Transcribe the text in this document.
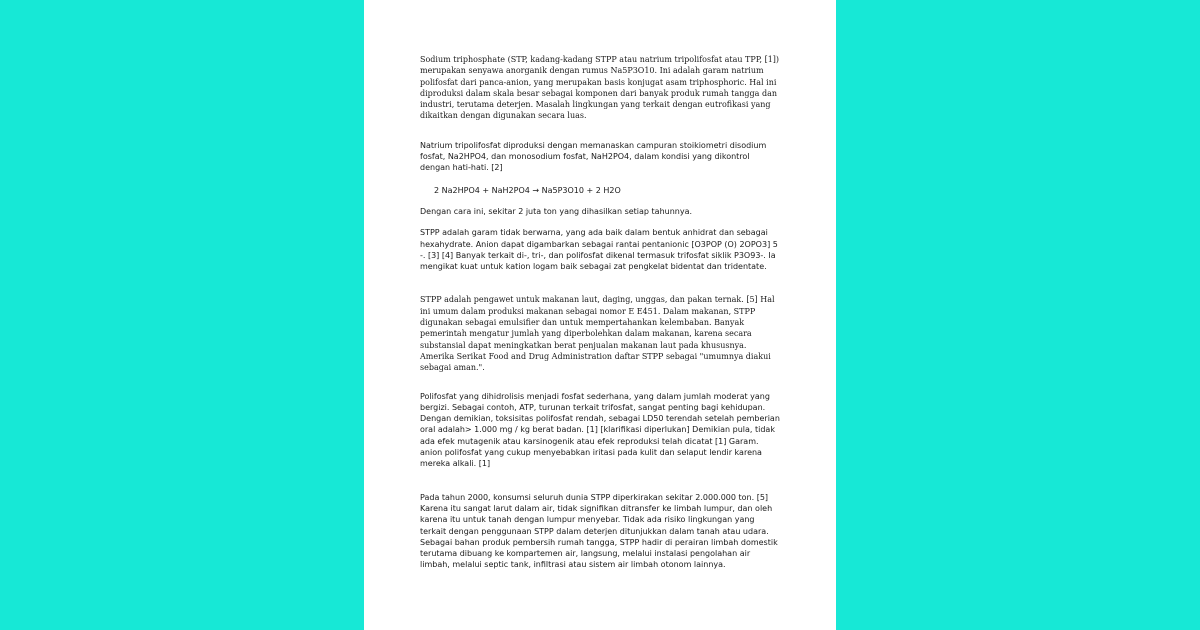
Sodium triphosphate (STP, kadang-kadang STPP atau natrium tripolifosfat atau TPP, [1]) merupakan senyawa anorganik dengan rumus Na5P3O10. Ini adalah garam natrium polifosfat dari panca-anion, yang merupakan basis konjugat asam triphosphoric. Hal ini diproduksi dalam skala besar sebagai komponen dari banyak produk rumah tangga dan industri, terutama deterjen. Masalah lingkungan yang terkait dengan eutrofikasi yang dikaitkan dengan digunakan secara luas.

Natrium tripolifosfat diproduksi dengan memanaskan campuran stoikiometri disodium fosfat, Na2HPO4, dan monosodium fosfat, NaH2PO4, dalam kondisi yang dikontrol dengan hati-hati. [2]

2 Na2HPO4 + NaH2PO4 → Na5P3O10 + 2 H2O

Dengan cara ini, sekitar 2 juta ton yang dihasilkan setiap tahunnya.

STPP adalah garam tidak berwarna, yang ada baik dalam bentuk anhidrat dan sebagai hexahydrate. Anion dapat digambarkan sebagai rantai pentanionic [O3POP (O) 2OPO3] 5 -. [3] [4] Banyak terkait di-, tri-, dan polifosfat dikenal termasuk trifosfat siklik P3O93-. Ia mengikat kuat untuk kation logam baik sebagai zat pengkelat bidentat dan tridentate.

STPP adalah pengawet untuk makanan laut, daging, unggas, dan pakan ternak. [5] Hal ini umum dalam produksi makanan sebagai nomor E E451. Dalam makanan, STPP digunakan sebagai emulsifier dan untuk mempertahankan kelembaban. Banyak pemerintah mengatur jumlah yang diperbolehkan dalam makanan, karena secara substansial dapat meningkatkan berat penjualan makanan laut pada khususnya. Amerika Serikat Food and Drug Administration daftar STPP sebagai "umumnya diakui sebagai aman.".

Polifosfat yang dihidrolisis menjadi fosfat sederhana, yang dalam jumlah moderat yang bergizi. Sebagai contoh, ATP, turunan terkait trifosfat, sangat penting bagi kehidupan. Dengan demikian, toksisitas polifosfat rendah, sebagai LD50 terendah setelah pemberian oral adalah> 1.000 mg / kg berat badan. [1] [klarifikasi diperlukan] Demikian pula, tidak ada efek mutagenik atau karsinogenik atau efek reproduksi telah dicatat [1] Garam. anion polifosfat yang cukup menyebabkan iritasi pada kulit dan selaput lendir karena mereka alkali. [1]

Pada tahun 2000, konsumsi seluruh dunia STPP diperkirakan sekitar 2.000.000 ton. [5] Karena itu sangat larut dalam air, tidak signifikan ditransfer ke limbah lumpur, dan oleh karena itu untuk tanah dengan lumpur menyebar. Tidak ada risiko lingkungan yang terkait dengan penggunaan STPP dalam deterjen ditunjukkan dalam tanah atau udara. Sebagai bahan produk pembersih rumah tangga, STPP hadir di perairan limbah domestik terutama dibuang ke kompartemen air, langsung, melalui instalasi pengolahan air limbah, melalui septic tank, infiltrasi atau sistem air limbah otonom lainnya.
